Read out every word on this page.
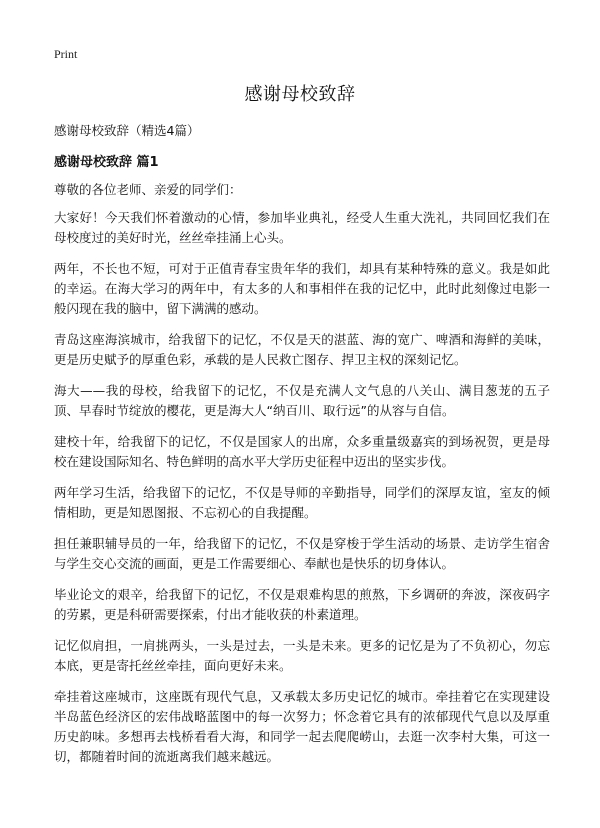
Print
感谢母校致辞
感谢母校致辞（精选4篇）
感谢母校致辞 篇1

尊敬的各位老师、亲爱的同学们：

大家好！今天我们怀着激动的心情，参加毕业典礼，经受人生重大洗礼，共同回忆我们在母校度过的美好时光，丝丝牵挂涌上心头。

两年，不长也不短，可对于正值青春宝贵年华的我们，却具有某种特殊的意义。我是如此的幸运。在海大学习的两年中，有太多的人和事相伴在我的记忆中，此时此刻像过电影一般闪现在我的脑中，留下满满的感动。

青岛这座海滨城市，给我留下的记忆，不仅是天的湛蓝、海的宽广、啤酒和海鲜的美味，更是历史赋予的厚重色彩，承载的是人民救亡图存、捍卫主权的深刻记忆。

海大——我的母校，给我留下的记忆，不仅是充满人文气息的八关山、满目葱茏的五子顶、早春时节绽放的樱花，更是海大人“纳百川、取行远”的从容与自信。

建校十年，给我留下的记忆，不仅是国家人的出席，众多重量级嘉宾的到场祝贺，更是母校在建设国际知名、特色鲜明的高水平大学历史征程中迈出的坚实步伐。

两年学习生活，给我留下的记忆，不仅是导师的辛勤指导，同学们的深厚友谊，室友的倾情相助，更是知恩图报、不忘初心的自我提醒。

担任兼职辅导员的一年，给我留下的记忆，不仅是穿梭于学生活动的场景、走访学生宿舍与学生交心交流的画面，更是工作需要细心、奉献也是快乐的切身体认。

毕业论文的艰辛，给我留下的记忆，不仅是艰难构思的煎熬，下乡调研的奔波，深夜码字的劳累，更是科研需要探索，付出才能收获的朴素道理。

记忆似肩担，一肩挑两头，一头是过去，一头是未来。更多的记忆是为了不负初心，勿忘本底，更是寄托丝丝牵挂，面向更好未来。

牵挂着这座城市，这座既有现代气息，又承载太多历史记忆的城市。牵挂着它在实现建设半岛蓝色经济区的宏伟战略蓝图中的每一次努力；怀念着它具有的浓郁现代气息以及厚重历史韵味。多想再去栈桥看看大海，和同学一起去爬爬崂山，去逛一次李村大集，可这一切，都随着时间的流逝离我们越来越远。
